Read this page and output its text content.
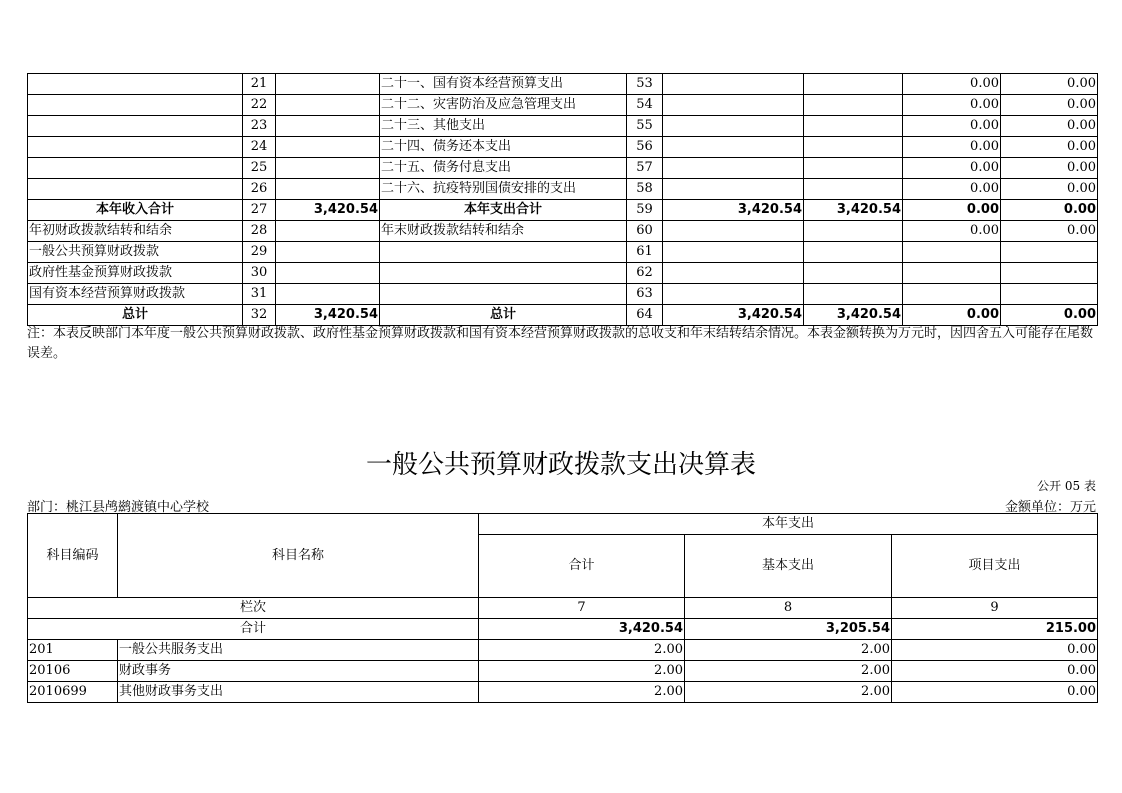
	21		二十一、国有资本经营预算支出	53			0.00	0.00
	22		二十二、灾害防治及应急管理支出	54			0.00	0.00
	23		二十三、其他支出	55			0.00	0.00
	24		二十四、债务还本支出	56			0.00	0.00
	25		二十五、债务付息支出	57			0.00	0.00
	26		二十六、抗疫特别国债安排的支出	58			0.00	0.00
本年收入合计	27	3,420.54	本年支出合计	59	3,420.54	3,420.54	0.00	0.00
年初财政拨款结转和结余	28		年末财政拨款结转和结余	60			0.00	0.00
一般公共预算财政拨款	29			61				
政府性基金预算财政拨款	30			62				
国有资本经营预算财政拨款	31			63				
总计	32	3,420.54	总计	64	3,420.54	3,420.54	0.00	0.00
注：本表反映部门本年度一般公共预算财政拨款、政府性基金预算财政拨款和国有资本经营预算财政拨款的总收支和年末结转结余情况。本表金额转换为万元时，因四舍五入可能存在尾数误差。
一般公共预算财政拨款支出决算表
公开 05 表
部门：桃江县鸬鹚渡镇中心学校	金额单位：万元
科目编码	科目名称	本年支出		
		合计	基本支出	项目支出
栏次		7	8	9
合计		3,420.54	3,205.54	215.00
201	一般公共服务支出	2.00	2.00	0.00
20106	财政事务	2.00	2.00	0.00
2010699	其他财政事务支出	2.00	2.00	0.00
